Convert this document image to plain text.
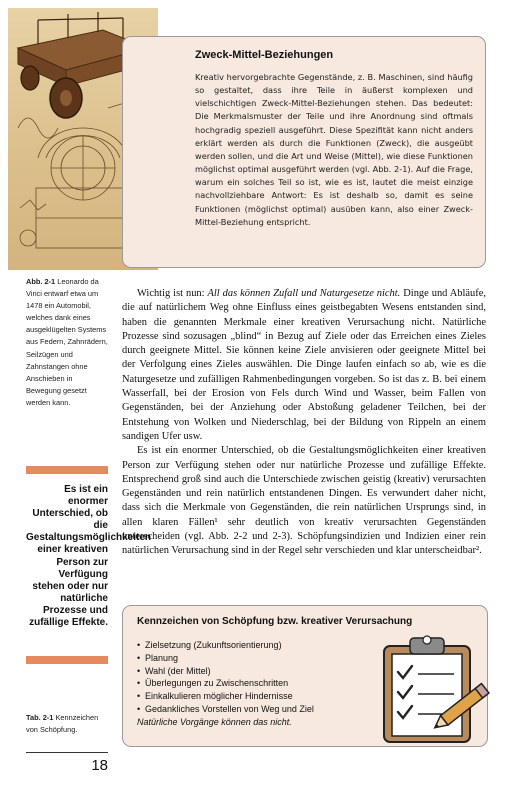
Zweck-Mittel-Beziehungen

Kreativ hervorgebrachte Gegenstände, z. B. Maschinen, sind häufig so gestaltet, dass ihre Teile in äußerst komplexen und vielschichtigen Zweck-Mittel-Beziehungen stehen. Das bedeutet: Die Merkmalsmuster der Teile und ihre Anordnung sind oftmals hochgradig speziell ausgeführt. Diese Spezifität kann nicht anders erklärt werden als durch die Funktionen (Zweck), die ausgeübt werden sollen, und die Art und Weise (Mittel), wie diese Funktionen möglichst optimal ausgeführt werden (vgl. Abb. 2-1). Auf die Frage, warum ein solches Teil so ist, wie es ist, lautet die meist einzige nachvollziehbare Antwort: Es ist deshalb so, damit es seine Funktionen (möglichst optimal) ausüben kann, also einer Zweck-Mittel-Beziehung entspricht.

Abb. 2-1 Leonardo da Vinci entwarf etwa um 1478 ein Automobil, welches dank eines ausgeklügelten Systems aus Federn, Zahnrädern, Seilzügen und Zahnstangen ohne Anschieben in Bewegung gesetzt werden kann.
Es ist ein enormer Unterschied, ob die Gestaltungsmöglichkeiten einer kreativen Person zur Verfügung stehen oder nur natürliche Prozesse und zufällige Effekte.

Wichtig ist nun: All das können Zufall und Naturgesetze nicht. Dinge und Abläufe, die auf natürlichem Weg ohne Einfluss eines geistbegabten Wesens entstanden sind, haben die genannten Merkmale einer kreativen Verursachung nicht. Natürliche Prozesse sind sozusagen „blind“ in Bezug auf Ziele oder das Erreichen eines Zieles durch geeignete Mittel. Sie können keine Ziele anvisieren oder geeignete Mittel bei der Verfolgung eines Zieles auswählen. Die Dinge laufen einfach so ab, wie es die Naturgesetze und zufälligen Rahmenbedingungen vorgeben. So ist das z. B. bei einem Wasserfall, bei der Erosion von Fels durch Wind und Wasser, beim Fallen von Gegenständen, bei der Anziehung oder Abstoßung geladener Teilchen, bei der Entstehung von Wolken und Niederschlag, bei der Bildung von Rippeln an einem sandigen Ufer usw.

Es ist ein enormer Unterschied, ob die Gestaltungsmöglichkeiten einer kreativen Person zur Verfügung stehen oder nur natürliche Prozesse und zufällige Effekte. Entsprechend groß sind auch die Unterschiede zwischen geistig (kreativ) verursachten Gegenständen und rein natürlich entstandenen Dingen. Es verwundert daher nicht, dass sich die Merkmale von Gegenständen, die rein natürlichen Ursprungs sind, in allen klaren Fällen¹ sehr deutlich von kreativ verursachten Gegenständen unterscheiden (vgl. Abb. 2-2 und 2-3). Schöpfungsindizien und Indizien einer rein natürlichen Verursachung sind in der Regel sehr verschieden und klar unterscheidbar².

Kennzeichen von Schöpfung bzw. kreativer Verursachung
• Zielsetzung (Zukunftsorientierung)
• Planung
• Wahl (der Mittel)
• Überlegungen zu Zwischenschritten
• Einkalkulieren möglicher Hindernisse
• Gedankliches Vorstellen von Weg und Ziel
Natürliche Vorgänge können das nicht.
Tab. 2-1 Kennzeichen von Schöpfung.
18
